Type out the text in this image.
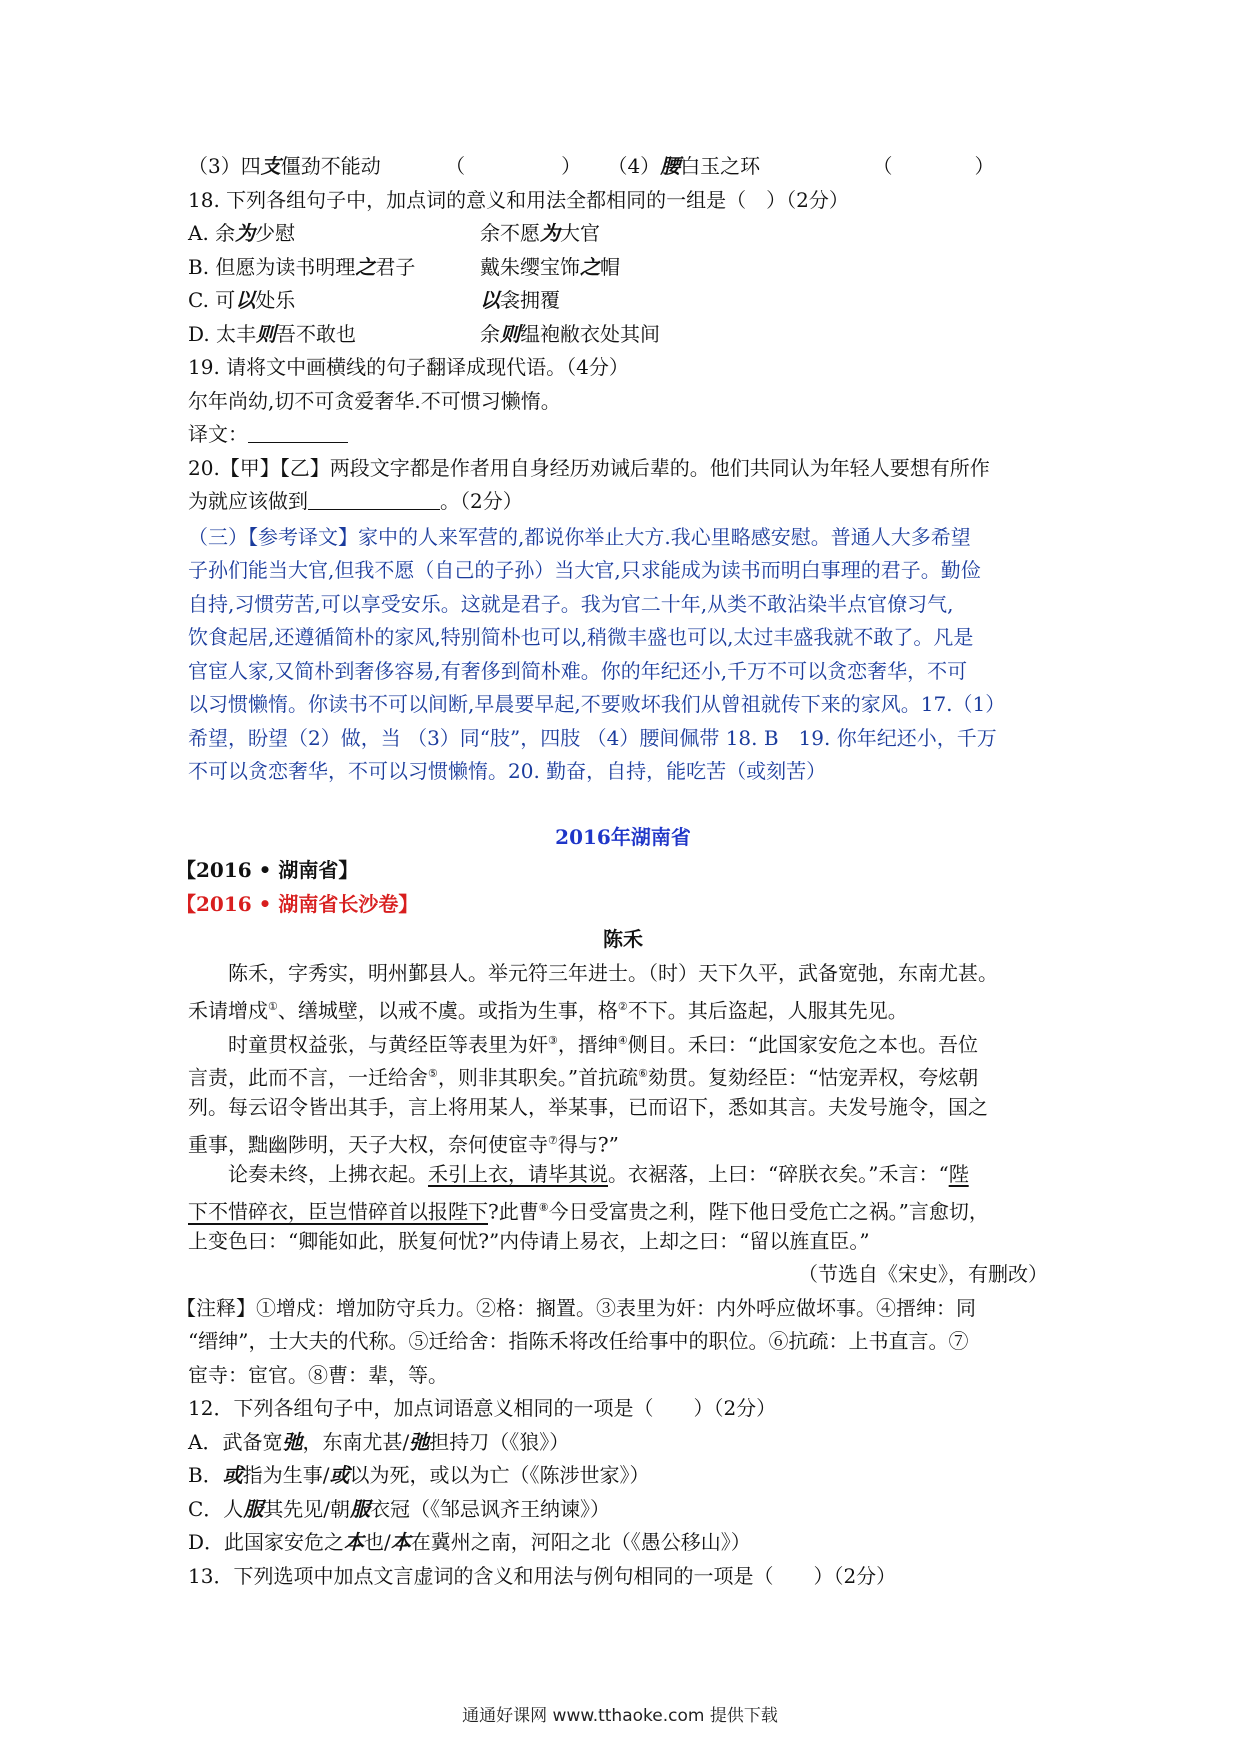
（3）四支僵劲不能动	（	） （4）腰白玉之环	（	）
18. 下列各组句子中，加点词的意义和用法全都相同的一组是（　）（2分）
A. 余为少慰	余不愿为大官
B. 但愿为读书明理之君子	戴朱缨宝饰之帽
C. 可以处乐	以衾拥覆
D. 太丰则吾不敢也	余则缊袍敝衣处其间
19. 请将文中画横线的句子翻译成现代语。（4分）
尔年尚幼,切不可贪爱奢华.不可惯习懒惰。
译文：
20.【甲】【乙】两段文字都是作者用自身经历劝诫后辈的。他们共同认为年轻人要想有所作
为就应该做到	。（2分）
（三）【参考译文】家中的人来军营的,都说你举止大方.我心里略感安慰。普通人大多希望
子孙们能当大官,但我不愿（自己的子孙）当大官,只求能成为读书而明白事理的君子。勤俭
自持,习惯劳苦,可以享受安乐。这就是君子。我为官二十年,从类不敢沾染半点官僚习气,
饮食起居,还遵循简朴的家风,特别简朴也可以,稍微丰盛也可以,太过丰盛我就不敢了。凡是
官宦人家,又简朴到奢侈容易,有奢侈到简朴难。你的年纪还小,千万不可以贪恋奢华，不可
以习惯懒惰。你读书不可以间断,早晨要早起,不要败坏我们从曾祖就传下来的家风。17.（1）
希望，盼望（2）做，当 （3）同“肢”，四肢 （4）腰间佩带 18. B　19. 你年纪还小，千万
不可以贪恋奢华，不可以习惯懒惰。20. 勤奋，自持，能吃苦（或刻苦）
2016年湖南省
【2016 • 湖南省】
【2016 • 湖南省长沙卷】
陈禾
陈禾，字秀实，明州鄞县人。举元符三年进士。（时）天下久平，武备宽弛，东南尤甚。
禾请增戍①、缮城壁，以戒不虞。或指为生事，格②不下。其后盗起，人服其先见。
时童贯权益张，与黄经臣等表里为奸③，搢绅④侧目。禾曰：“此国家安危之本也。吾位
言责，此而不言，一迁给舍⑤，则非其职矣。”首抗疏⑥劾贯。复劾经臣：“怙宠弄权，夸炫朝
列。每云诏令皆出其手，言上将用某人，举某事，已而诏下，悉如其言。夫发号施令，国之
重事，黜幽陟明，天子大权，奈何使宦寺⑦得与?”
论奏未终，上拂衣起。禾引上衣，请毕其说。衣裾落，上曰：“碎朕衣矣。”禾言：“陛
下不惜碎衣，臣岂惜碎首以报陛下?此曹⑧今日受富贵之利，陛下他日受危亡之祸。”言愈切，
上变色曰：“卿能如此，朕复何忧?”内侍请上易衣，上却之曰：“留以旌直臣。”
（节选自《宋史》，有删改）
【注释】①增戍：增加防守兵力。②格：搁置。③表里为奸：内外呼应做坏事。④搢绅：同
“缙绅”，士大夫的代称。⑤迁给舍：指陈禾将改任给事中的职位。⑥抗疏：上书直言。⑦
宦寺：宦官。⑧曹：辈，等。
12．下列各组句子中，加点词语意义相同的一项是（　　）（2分）
A．武备宽弛，东南尤甚/弛担持刀（《狼》）
B．或指为生事/或以为死，或以为亡（《陈涉世家》）
C．人服其先见/朝服衣冠（《邹忌讽齐王纳谏》）
D．此国家安危之本也/本在冀州之南，河阳之北（《愚公移山》）
13．下列选项中加点文言虚词的含义和用法与例句相同的一项是（　　）（2分）
通通好课网 www.tthaoke.com 提供下载
